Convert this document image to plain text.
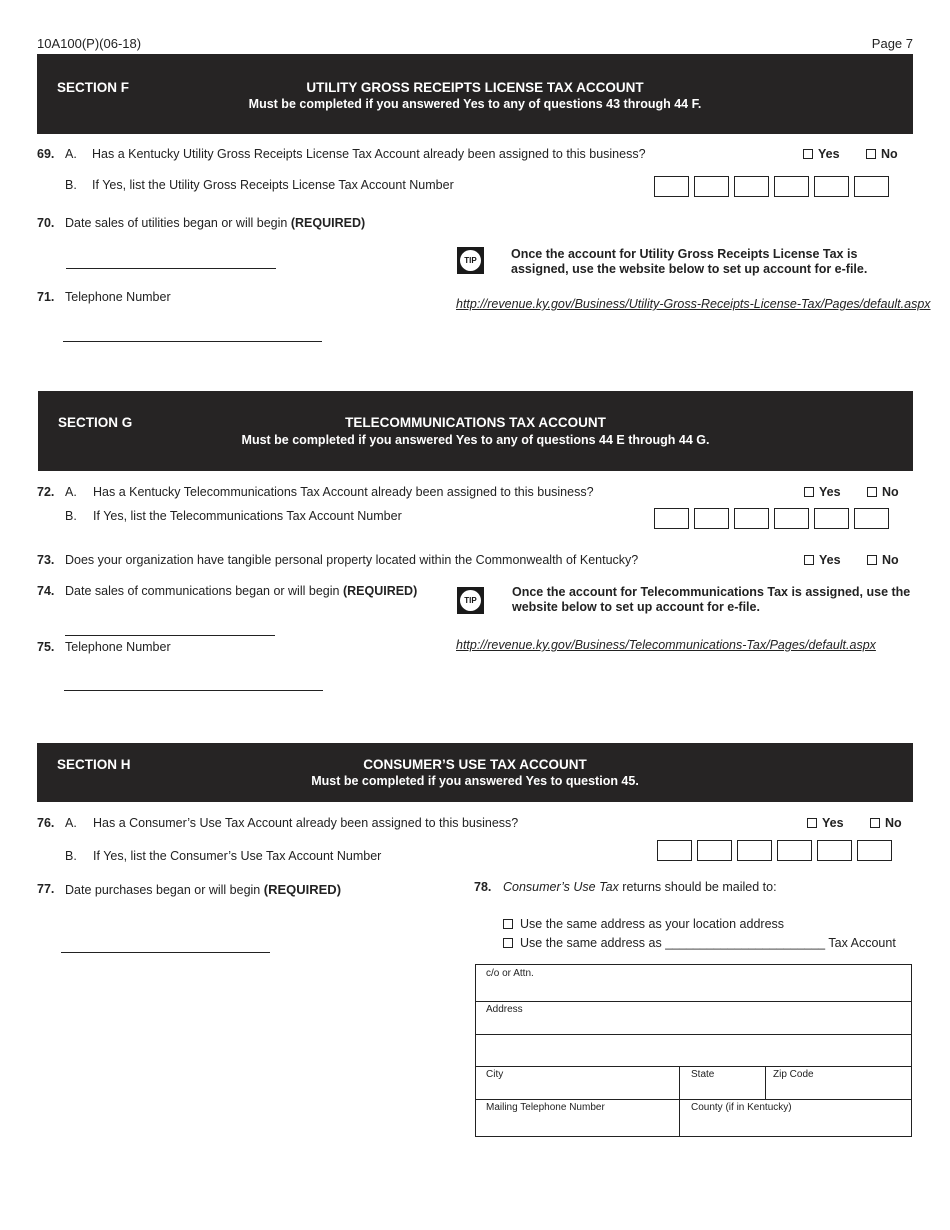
10A100(P)(06-18)	Page 7
SECTION F	UTILITY GROSS RECEIPTS LICENSE TAX ACCOUNT
Must be completed if you answered Yes to any of questions 43 through 44 F.
69. A. Has a Kentucky Utility Gross Receipts License Tax Account already been assigned to this business?	Yes	No
B. If Yes, list the Utility Gross Receipts License Tax Account Number
70. Date sales of utilities began or will begin (REQUIRED)
TIP	Once the account for Utility Gross Receipts License Tax is assigned, use the website below to set up account for e-file.
71. Telephone Number	http://revenue.ky.gov/Business/Utility-Gross-Receipts-License-Tax/Pages/default.aspx
SECTION G	TELECOMMUNICATIONS TAX ACCOUNT
Must be completed if you answered Yes to any of questions 44 E through 44 G.
72. A. Has a Kentucky Telecommunications Tax Account already been assigned to this business?	Yes	No
B. If Yes, list the Telecommunications Tax Account Number
73. Does your organization have tangible personal property located within the Commonwealth of Kentucky?	Yes	No
74. Date sales of communications began or will begin (REQUIRED)
TIP
Once the account for Telecommunications Tax is assigned, use the website below to set up account for e-file.
75. Telephone Number	http://revenue.ky.gov/Business/Telecommunications-Tax/Pages/default.aspx
SECTION H	CONSUMER’S USE TAX ACCOUNT
Must be completed if you answered Yes to question 45.
76. A. Has a Consumer’s Use Tax Account already been assigned to this business?	Yes	No
B. If Yes, list the Consumer’s Use Tax Account Number
77. Date purchases began or will begin (REQUIRED)	78. Consumer’s Use Tax returns should be mailed to:
Use the same address as your location address
Use the same address as _______________________ Tax Account
c/o or Attn.
Address
City	State	Zip Code
Mailing Telephone Number	County (if in Kentucky)
